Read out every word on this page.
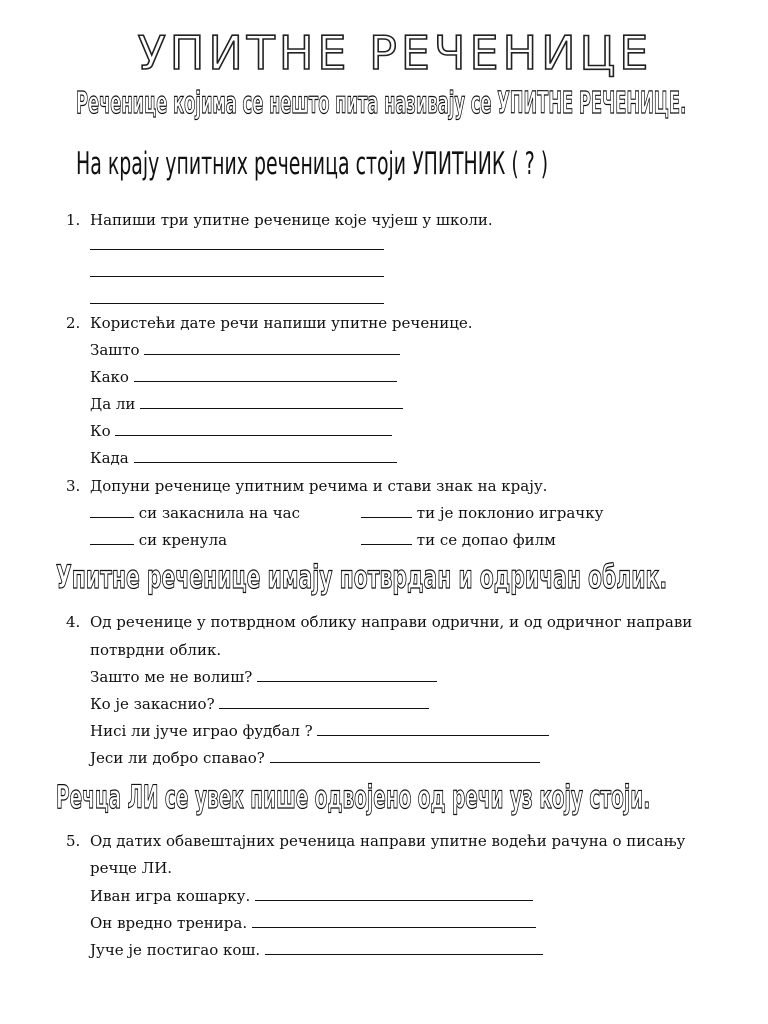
УПИТНЕ РЕЧЕНИЦЕ
Реченице којима се нешто пита називају се УПИТНЕ РЕЧЕНИЦЕ.
На крају упитних реченица стоји УПИТНИК ( ? )
1. Напиши три упитне реченице које чујеш у школи.
2. Користећи дате речи напиши упитне реченице.
Зашто
Како
Да ли
Ко
Када
3. Допуни реченице упитним речима и стави знак на крају.
си закаснила на час	ти је поклонио играчку
си кренула	ти се допао филм
Упитне реченице имају потврдан и одричан облик.
4. Од реченице у потврдном облику направи одрични, и од одричног направи
потврдни облик.
Зашто ме не волиш?
Ко је закаснио?
Нисi ли јуче играо фудбал ?
Јеси ли добро спавао?
Речца ЛИ се увек пише одвојено од речи уз коју стоји.
5. Од датих обавештајних реченица направи упитне водећи рачуна о писању
речце ЛИ.
Иван игра кошарку.
Он вредно тренира.
Јуче је постигао кош.
